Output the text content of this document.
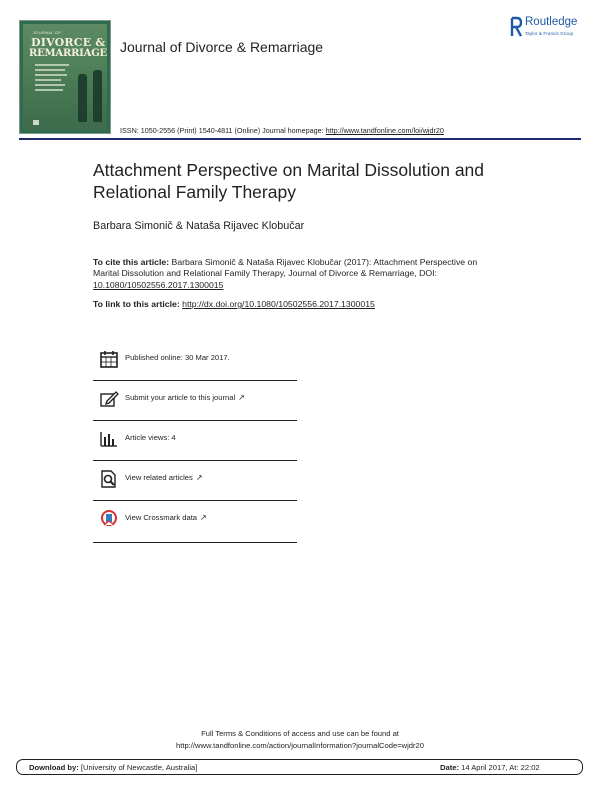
JOURNAL OF
DIVORCE &
REMARRIAGE Journal of Divorce & Remarriage
Routledge
Taylor & Francis Group
ISSN: 1050-2556 (Print) 1540-4811 (Online) Journal homepage: http://www.tandfonline.com/loi/wjdr20
Attachment Perspective on Marital Dissolution and Relational Family Therapy
Barbara Simonič & Nataša Rijavec Klobučar
To cite this article: Barbara Simonič & Nataša Rijavec Klobučar (2017): Attachment Perspective on Marital Dissolution and Relational Family Therapy, Journal of Divorce & Remarriage, DOI: 10.1080/10502556.2017.1300015
To link to this article: http://dx.doi.org/10.1080/10502556.2017.1300015
Published online: 30 Mar 2017.
Submit your article to this journal ↗
Article views: 4
View related articles ↗
View Crossmark data ↗
Full Terms & Conditions of access and use can be found at
http://www.tandfonline.com/action/journalInformation?journalCode=wjdr20
Download by: [University of Newcastle, Australia]	Date: 14 April 2017, At: 22:02
